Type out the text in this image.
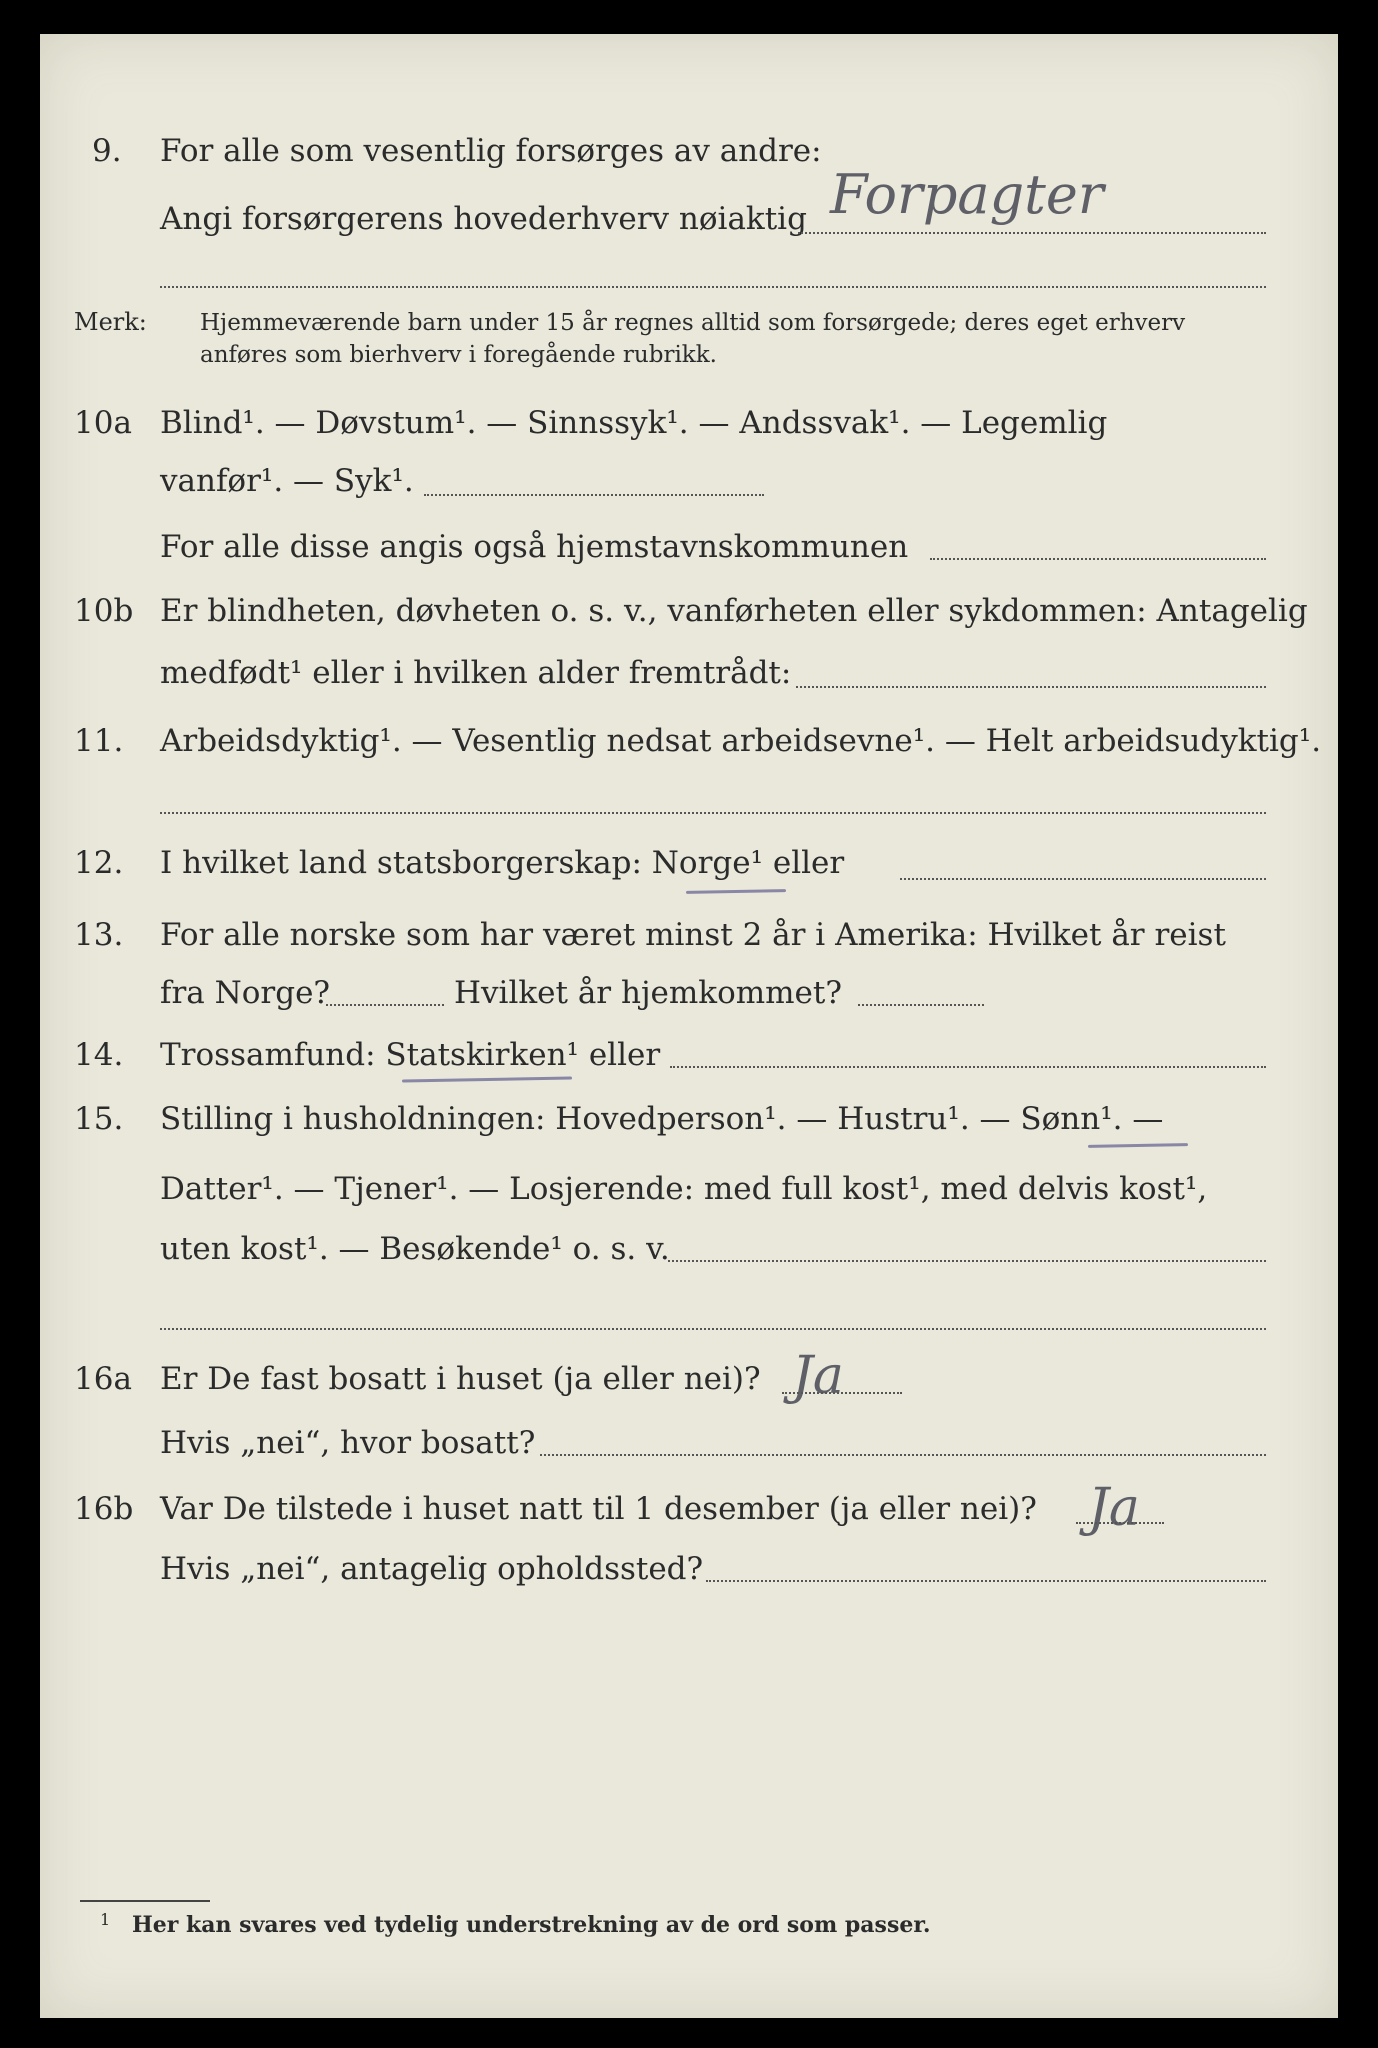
9. For alle som vesentlig forsørges av andre:
Angi forsørgerens hovederhverv nøiaktig Forpagter
Merk: Hjemmeværende barn under 15 år regnes alltid som forsørgede; deres eget erhverv
anføres som bierhverv i foregående rubrikk.
10a Blind¹. — Døvstum¹. — Sinnssyk¹. — Andssvak¹. — Legemlig
vanfør¹. — Syk¹.
For alle disse angis også hjemstavnskommunen
10b Er blindheten, døvheten o. s. v., vanførheten eller sykdommen: Antagelig
medfødt¹ eller i hvilken alder fremtrådt:
11. Arbeidsdyktig¹. — Vesentlig nedsat arbeidsevne¹. — Helt arbeidsudyktig¹.
12. I hvilket land statsborgerskap: Norge¹ eller
13. For alle norske som har været minst 2 år i Amerika: Hvilket år reist
fra Norge?	Hvilket år hjemkommet?
14. Trossamfund: Statskirken¹ eller
15. Stilling i husholdningen: Hovedperson¹. — Hustru¹. — Sønn¹. —
Datter¹. — Tjener¹. — Losjerende: med full kost¹, med delvis kost¹,
uten kost¹. — Besøkende¹ o. s. v.
16a Er De fast bosatt i huset (ja eller nei)? Ja
Hvis „nei“, hvor bosatt?
16b Var De tilstede i huset natt til 1 desember (ja eller nei)? Ja
Hvis „nei“, antagelig opholdssted?
1 Her kan svares ved tydelig understrekning av de ord som passer.
